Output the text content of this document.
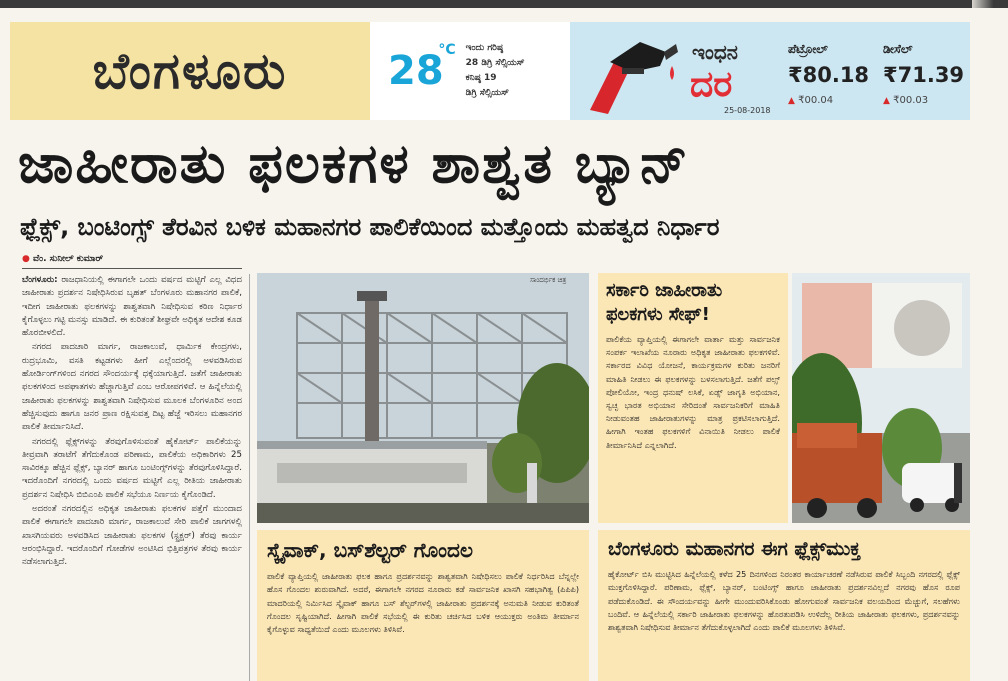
ಬೆಂಗಳೂರು	28
°C ಇಂದು ಗರಿಷ್ಠ
28 ಡಿಗ್ರಿ ಸೆಲ್ಸಿಯಸ್
ಕನಿಷ್ಠ 19
ಡಿಗ್ರಿ ಸೆಲ್ಸಿಯಸ್
ಇಂಧನ
ದರ
25-08-2018
ಪೆಟ್ರೋಲ್
₹80.18
▲ ₹00.04
ಡೀಸೆಲ್
₹71.39
▲ ₹00.03
ಜಾಹೀರಾತು ಫಲಕಗಳ ಶಾಶ್ವತ ಬ್ಯಾನ್
ಫ್ಲೆಕ್ಸ್, ಬಂಟಿಂಗ್ಸ್ ತೆರವಿನ ಬಳಿಕ ಮಹಾನಗರ ಪಾಲಿಕೆಯಿಂದ ಮತ್ತೊಂದು ಮಹತ್ವದ ನಿರ್ಧಾರ
● ವೆಂ. ಸುನೀಲ್ ಕುಮಾರ್

ಬೆಂಗಳೂರು: ರಾಜಧಾನಿಯಲ್ಲಿ ಈಗಾಗಲೇ ಒಂದು ವರ್ಷದ ಮಟ್ಟಿಗೆ ಎಲ್ಲ ವಿಧದ ಜಾಹೀರಾತು ಪ್ರದರ್ಶನ ನಿಷೇಧಿಸಿರುವ ಬೃಹತ್ ಬೆಂಗಳೂರು ಮಹಾನಗರ ಪಾಲಿಕೆ, ಇದೀಗ ಜಾಹೀರಾತು ಫಲಕಗಳನ್ನು ಶಾಶ್ವತವಾಗಿ ನಿಷೇಧಿಸುವ ಕಠಿಣ ನಿರ್ಧಾರ ಕೈಗೊಳ್ಳಲು ಗಟ್ಟಿ ಮನಸ್ಸು ಮಾಡಿದೆ. ಈ ಕುರಿತಂತೆ ಶೀಘ್ರವೇ ಅಧಿಕೃತ ಆದೇಶ ಕೂಡ ಹೊರಬೀಳಲಿದೆ.

ನಗರದ ಪಾದಚಾರಿ ಮಾರ್ಗ, ರಾಜಕಾಲುವೆ, ಧಾರ್ಮಿಕ ಕೇಂದ್ರಗಳು, ರುದ್ರಭೂಮಿ, ವಸತಿ ಕಟ್ಟಡಗಳು ಹೀಗೆ ಎಲ್ಲೆಂದರಲ್ಲಿ ಅಳವಡಿಸಿರುವ ಹೋರ್ಡಿಂಗ್‌ಗಳಿಂದ ನಗರದ ಸೌಂದರ್ಯಕ್ಕೆ ಧಕ್ಕೆಯಾಗುತ್ತಿದೆ. ಜತೆಗೆ ಜಾಹೀರಾತು ಫಲಕಗಳಿಂದ ಅಪಘಾತಗಳು ಹೆಚ್ಚಾಗುತ್ತಿವೆ ಎಂಬ ಆರೋಪಗಳಿವೆ. ಆ ಹಿನ್ನೆಲೆಯಲ್ಲಿ ಜಾಹೀರಾತು ಫಲಕಗಳನ್ನು ಶಾಶ್ವತವಾಗಿ ನಿಷೇಧಿಸುವ ಮೂಲಕ ಬೆಂಗಳೂರಿನ ಅಂದ ಹೆಚ್ಚಿಸುವುದು ಹಾಗೂ ಜನರ ಪ್ರಾಣ ರಕ್ಷಿಸುವತ್ತ ದಿಟ್ಟ ಹೆಜ್ಜೆ ಇರಿಸಲು ಮಹಾನಗರ ಪಾಲಿಕೆ ತೀರ್ಮಾನಿಸಿದೆ.

ನಗರದಲ್ಲಿ ಫ್ಲೆಕ್ಸ್‌ಗಳನ್ನು ತೆರವುಗೊಳಿಸುವಂತೆ ಹೈಕೋರ್ಟ್ ಪಾಲಿಕೆಯನ್ನು ತೀವ್ರವಾಗಿ ತರಾಟೆಗೆ ತೆಗೆದುಕೊಂಡ ಪರಿಣಾಮ, ಪಾಲಿಕೆಯ ಅಧಿಕಾರಿಗಳು 25 ಸಾವಿರಕ್ಕೂ ಹೆಚ್ಚಿನ ಫ್ಲೆಕ್ಸ್, ಬ್ಯಾನರ್ ಹಾಗೂ ಬಂಟಿಂಗ್ಸ್‌ಗಳನ್ನು ತೆರವುಗೊಳಿಸಿದ್ದಾರೆ. ಇದರೊಂದಿಗೆ ನಗರದಲ್ಲಿ ಒಂದು ವರ್ಷದ ಮಟ್ಟಿಗೆ ಎಲ್ಲ ರೀತಿಯ ಜಾಹೀರಾತು ಪ್ರದರ್ಶನ ನಿಷೇಧಿಸಿ ಬಿಬಿಎಂಪಿ ಪಾಲಿಕೆ ಸಭೆಯೂ ನಿರ್ಣಯ ಕೈಗೊಂಡಿದೆ.

ಅದರಂತೆ ನಗರದಲ್ಲಿನ ಅಧಿಕೃತ ಜಾಹೀರಾತು ಫಲಕಗಳ ಪತ್ತೆಗೆ ಮುಂದಾದ ಪಾಲಿಕೆ ಈಗಾಗಲೇ ಪಾದಚಾರಿ ಮಾರ್ಗ, ರಾಜಕಾಲುವೆ ಸೇರಿ ಪಾಲಿಕೆ ಜಾಗಗಳಲ್ಲಿ ಖಾಸಗಿಯವರು ಅಳವಡಿಸಿದ ಜಾಹೀರಾತು ಫಲಕಗಳ (ಸ್ಟ್ರಕ್ಚರ್) ತೆರವು ಕಾರ್ಯ ಆರಂಭಿಸಿದ್ದಾರೆ. ಇದರೊಂದಿಗೆ ಗೋಡೆಗಳ ಅಂಟಿಸಿದ ಭಿತ್ತಿಪತ್ರಗಳ ತೆರವು ಕಾರ್ಯ ನಡೆಸಲಾಗುತ್ತಿದೆ.

ಸಾಂದರ್ಭಿಕ ಚಿತ್ರ ಸರ್ಕಾರಿ ಜಾಹೀರಾತು ಫಲಕಗಳು ಸೇಫ್!
ಪಾಲಿಕೆಯ ವ್ಯಾಪ್ತಿಯಲ್ಲಿ ಈಗಾಗಲೇ ವಾರ್ತಾ ಮತ್ತು ಸಾರ್ವಜನಿಕ ಸಂಪರ್ಕ ಇಲಾಖೆಯ ನೂರಾರು ಅಧಿಕೃತ ಜಾಹೀರಾತು ಫಲಕಗಳಿವೆ. ಸರ್ಕಾರದ ವಿವಿಧ ಯೋಜನೆ, ಕಾರ್ಯಕ್ರಮಗಳ ಕುರಿತು ಜನರಿಗೆ ಮಾಹಿತಿ ನೀಡಲು ಈ ಫಲಕಗಳನ್ನು ಬಳಸಲಾಗುತ್ತಿದೆ. ಜತೆಗೆ ಪಲ್ಸ್ ಪೋಲಿಯೋ, ಇಂದ್ರ ಧನುಷ್ ಲಸಿಕೆ, ಏಡ್ಸ್ ಜಾಗೃತಿ ಅಭಿಯಾನ, ಸ್ವಚ್ಛ ಭಾರತ ಅಭಿಯಾನ ಸೇರಿದಂತೆ ಸಾರ್ವಜನಿಕರಿಗೆ ಮಾಹಿತಿ ನೀಡುವಂತಹ ಜಾಹೀರಾತುಗಳನ್ನು ಮಾತ್ರ ಪ್ರಕಟಿಸಲಾಗುತ್ತಿದೆ. ಹೀಗಾಗಿ ಇಂತಹ ಫಲಕಗಳಿಗೆ ವಿನಾಯಿತಿ ನೀಡಲು ಪಾಲಿಕೆ ತೀರ್ಮಾನಿಸಿದೆ ಎನ್ನಲಾಗಿದೆ.
ಸ್ಕೈವಾಕ್, ಬಸ್‌ಶೆಲ್ಟರ್ ಗೊಂದಲ
ಪಾಲಿಕೆ ವ್ಯಾಪ್ತಿಯಲ್ಲಿ ಜಾಹೀರಾತು ಫಲಕ ಹಾಗೂ ಪ್ರದರ್ಶನವನ್ನು ಶಾಶ್ವತವಾಗಿ ನಿಷೇಧಿಸಲು ಪಾಲಿಕೆ ನಿರ್ಧರಿಸಿದ ಬೆನ್ನಲ್ಲೇ ಹೊಸ ಗೊಂದಲ ಶುರುವಾಗಿದೆ. ಅದರೆ, ಈಗಾಗಲೇ ನಗರದ ನೂರಾರು ಕಡೆ ಸಾರ್ವಜನಿಕ ಖಾಸಗಿ ಸಹಭಾಗಿತ್ವ (ಪಿಪಿಪಿ) ಮಾದರಿಯಲ್ಲಿ ನಿರ್ಮಿಸಿದ ಸ್ಕೈವಾಕ್ ಹಾಗೂ ಬಸ್ ಶೆಲ್ಟರ್‌ಗಳಲ್ಲಿ ಜಾಹೀರಾತು ಪ್ರದರ್ಶನಕ್ಕೆ ಅನುಮತಿ ನೀಡುವ ಕುರಿತಂತೆ ಗೊಂದಲ ಸೃಷ್ಟಿಯಾಗಿದೆ. ಹೀಗಾಗಿ ಪಾಲಿಕೆ ಸಭೆಯಲ್ಲಿ ಈ ಕುರಿತು ಚರ್ಚಿಸಿದ ಬಳಿಕ ಆಯುಕ್ತರು ಅಂತಿಮ ತೀರ್ಮಾನ ಕೈಗೊಳ್ಳುವ ಸಾಧ್ಯತೆಯಿದೆ ಎಂದು ಮೂಲಗಳು ತಿಳಿಸಿವೆ.
ಬೆಂಗಳೂರು ಮಹಾನಗರ ಈಗ ಫ್ಲೆಕ್ಸ್‌ಮುಕ್ತ
ಹೈಕೋರ್ಟ್ ಬಿಸಿ ಮುಟ್ಟಿಸಿದ ಹಿನ್ನೆಲೆಯಲ್ಲಿ ಕಳೆದ 25 ದಿನಗಳಿಂದ ನಿರಂತರ ಕಾರ್ಯಾಚರಣೆ ನಡೆಸಿರುವ ಪಾಲಿಕೆ ಸಿಬ್ಬಂದಿ ನಗರದಲ್ಲಿ ಫ್ಲೆಕ್ಸ್ ಮುಕ್ತಗೊಳಿಸಿದ್ದಾರೆ. ಪರಿಣಾಮ, ಫ್ಲೆಕ್ಸ್, ಬ್ಯಾನರ್, ಬಂಟಿಂಗ್ಸ್ ಹಾಗೂ ಜಾಹೀರಾತು ಪ್ರದರ್ಶನವಿಲ್ಲದೆ ನಗರವು ಹೊಸ ರೂಪ ಪಡೆದುಕೊಂಡಿದೆ. ಈ ಸೌಂದರ್ಯವನ್ನು ಹೀಗೇ ಮುಂದುವರಿಸಿಕೊಂಡು ಹೋಗುವಂತೆ ಸಾರ್ವಜನಿಕ ವಲಯದಿಂದ ಮೆಚ್ಚುಗೆ, ಸಲಹೆಗಳು ಬಂದಿವೆ. ಆ ಹಿನ್ನೆಲೆಯಲ್ಲಿ ಸರ್ಕಾರಿ ಜಾಹೀರಾತು ಫಲಕಗಳನ್ನು ಹೊರತುಪಡಿಸಿ ಉಳಿದೆಲ್ಲ ರೀತಿಯ ಜಾಹೀರಾತು ಫಲಕಗಳು, ಪ್ರದರ್ಶನವನ್ನು ಶಾಶ್ವತವಾಗಿ ನಿಷೇಧಿಸುವ ತೀರ್ಮಾನ ತೆಗೆದುಕೊಳ್ಳಲಾಗಿದೆ ಎಂದು ಪಾಲಿಕೆ ಮೂಲಗಳು ತಿಳಿಸಿವೆ.
